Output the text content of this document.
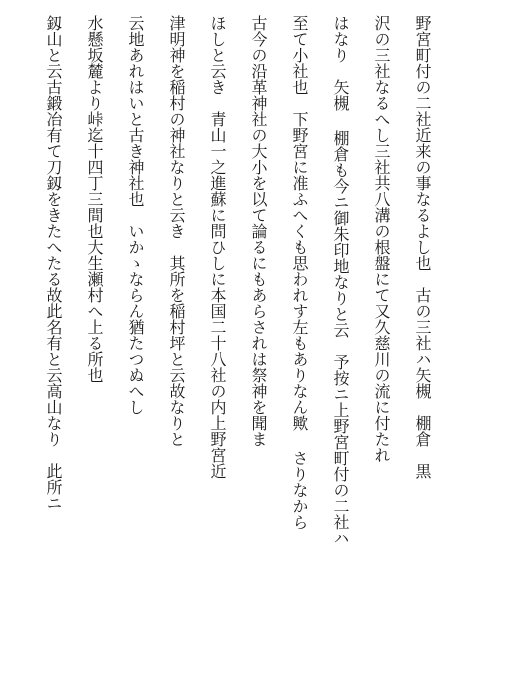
野宮町付の二社近来の事なるよし也　古の三社ハ矢槻　棚倉　黒
沢の三社なるへし三社共八溝の根盤にて又久慈川の流に付たれ
はなり　矢槻 棚倉も今ニ御朱印地なりと云　予按ニ上野宮町付の二社ハ
至て小社也　下野宮に准ふへくも思われす左もありなん歟 さりなから
古今の沿革神社の大小を以て論るにもあらされは祭神を聞ま
ほしと云き　青山一之進蘇に問ひしに本国二十八社の内上野宮近
津明神を稲村の神社なりと云き　其所を稲村坪と云故なりと
云地あれはいと古き神社也　いかゝならん猶たつぬへし
水懸坂麓より峠迄十四丁三間也大生瀬村へ上る所也
釼山と云古鍛冶有て刀釼をきたへたる故此名有と云高山なり　此所ニ
